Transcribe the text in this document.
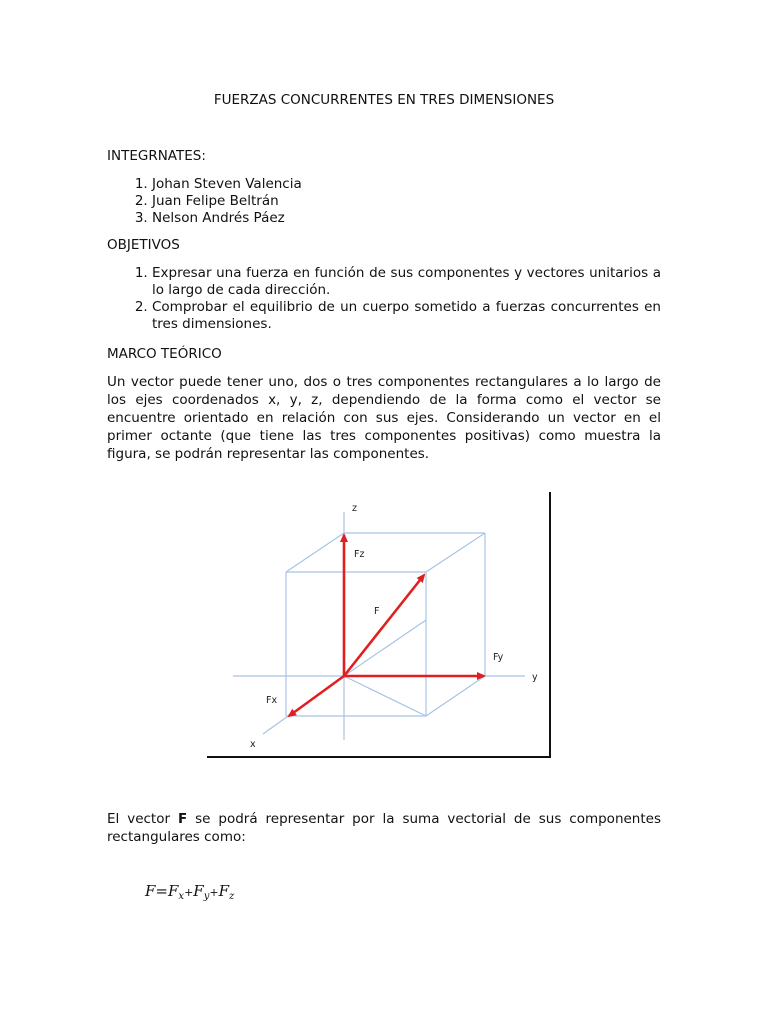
FUERZAS CONCURRENTES EN TRES DIMENSIONES
INTEGRNATES:
1. Johan Steven Valencia
2. Juan Felipe Beltrán
3. Nelson Andrés Páez
OBJETIVOS
1. Expresar una fuerza en función de sus componentes y vectores unitarios a lo largo de cada dirección.
2. Comprobar el equilibrio de un cuerpo sometido a fuerzas concurrentes en tres dimensiones.
MARCO TEÓRICO
Un vector puede tener uno, dos o tres componentes rectangulares a lo largo de los ejes coordenados x, y, z, dependiendo de la forma como el vector se encuentre orientado en relación con sus ejes. Considerando un vector en el primer octante (que tiene las tres componentes positivas) como muestra la figura, se podrán representar las componentes.
z
y
x
Fz
F
Fy
Fx
El vector F se podrá representar por la suma vectorial de sus componentes rectangulares como:
$F=F_x+F_y+F_z$
